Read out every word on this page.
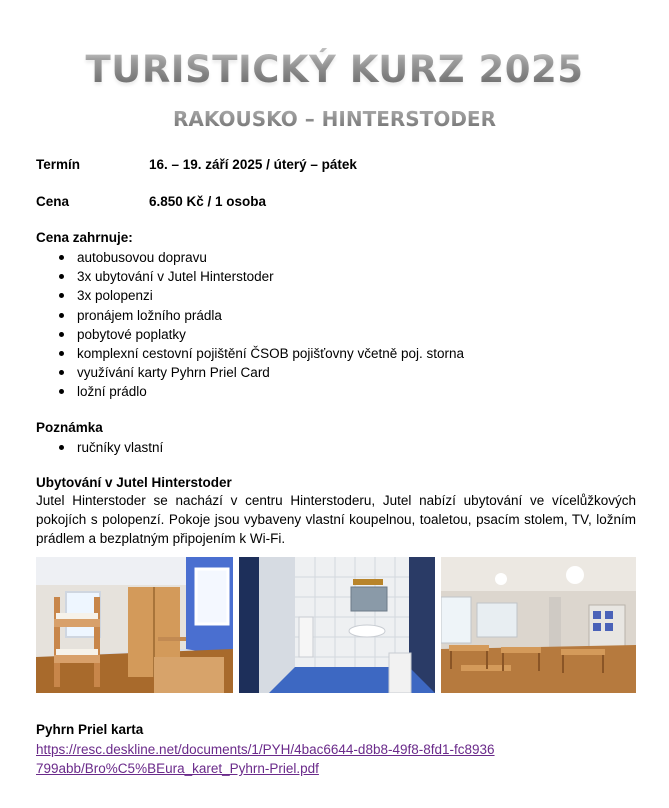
TURISTICKÝ KURZ 2025
RAKOUSKO – HINTERSTODER
Termín	16. – 19. září 2025 / úterý – pátek
Cena	6.850 Kč / 1 osoba
Cena zahrnuje:
autobusovou dopravu
3x ubytování v Jutel Hinterstoder
3x polopenzi
pronájem ložního prádla
pobytové poplatky
komplexní cestovní pojištění ČSOB pojišťovny včetně poj. storna
využívání karty Pyhrn Priel Card
ložní prádlo
Poznámka
ručníky vlastní
Ubytování v Jutel Hinterstoder
Jutel Hinterstoder se nachází v centru Hinterstoderu, Jutel nabízí ubytování ve vícelůžkových pokojích s polopenzí. Pokoje jsou vybaveny vlastní koupelnou, toaletou, psacím stolem, TV, ložním prádlem a bezplatným připojením k Wi-Fi.
Pyhrn Priel karta
https://resc.deskline.net/documents/1/PYH/4bac6644-d8b8-49f8-8fd1-fc8936799abb/Bro%C5%BEura_karet_Pyhrn-Priel.pdf
